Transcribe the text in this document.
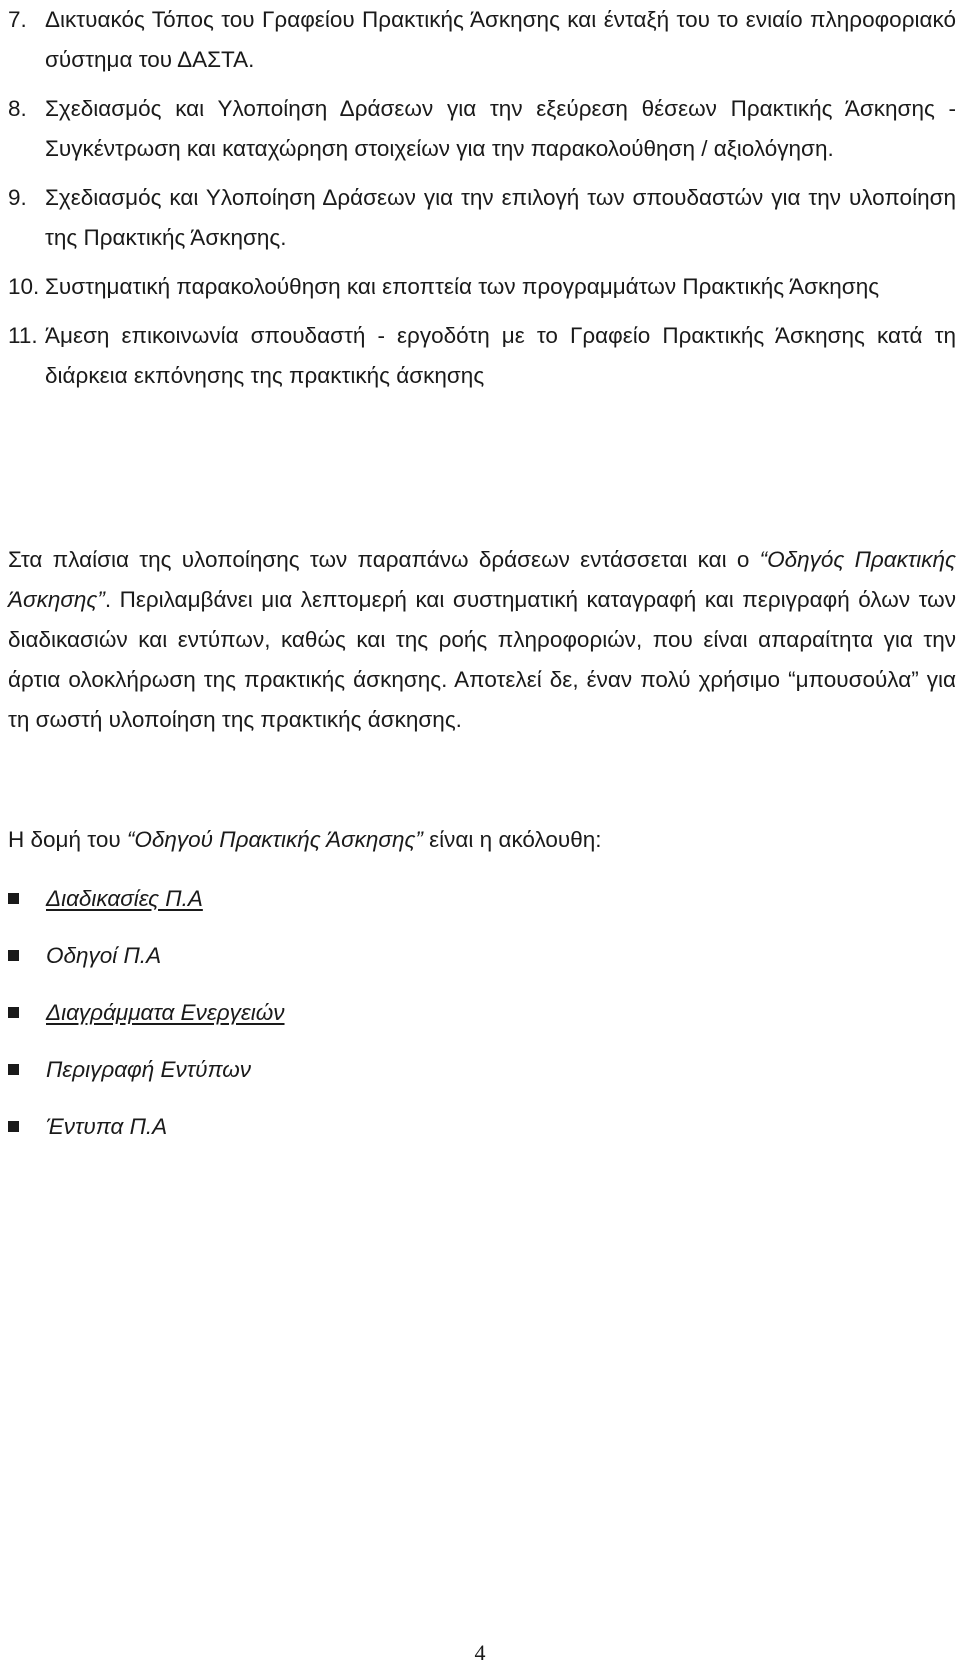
7. Δικτυακός Τόπος του Γραφείου Πρακτικής Άσκησης και ένταξή του το ενιαίο πληροφοριακό σύστημα του ΔΑΣΤΑ.
8. Σχεδιασμός και Υλοποίηση Δράσεων για την εξεύρεση θέσεων Πρακτικής Άσκησης - Συγκέντρωση και καταχώρηση στοιχείων για την παρακολούθηση / αξιολόγηση.
9. Σχεδιασμός και Υλοποίηση Δράσεων για την επιλογή των σπουδαστών για την υλοποίηση της Πρακτικής Άσκησης.
10. Συστηματική παρακολούθηση και εποπτεία των προγραμμάτων Πρακτικής Άσκησης
11. Άμεση επικοινωνία σπουδαστή - εργοδότη με το Γραφείο Πρακτικής Άσκησης κατά τη διάρκεια εκπόνησης της πρακτικής άσκησης

Στα πλαίσια της υλοποίησης των παραπάνω δράσεων εντάσσεται και ο “Οδηγός Πρακτικής Άσκησης”. Περιλαμβάνει μια λεπτομερή και συστηματική καταγραφή και περιγραφή όλων των διαδικασιών και εντύπων, καθώς και της ροής πληροφοριών, που είναι απαραίτητα για την άρτια ολοκλήρωση της πρακτικής άσκησης. Αποτελεί δε, έναν πολύ χρήσιμο “μπουσούλα” για τη σωστή υλοποίηση της πρακτικής άσκησης.

Η δομή του “Οδηγού Πρακτικής Άσκησης” είναι η ακόλουθη:

Διαδικασίες Π.Α
Οδηγοί Π.Α
Διαγράμματα Ενεργειών
Περιγραφή Εντύπων
Έντυπα Π.Α
4
